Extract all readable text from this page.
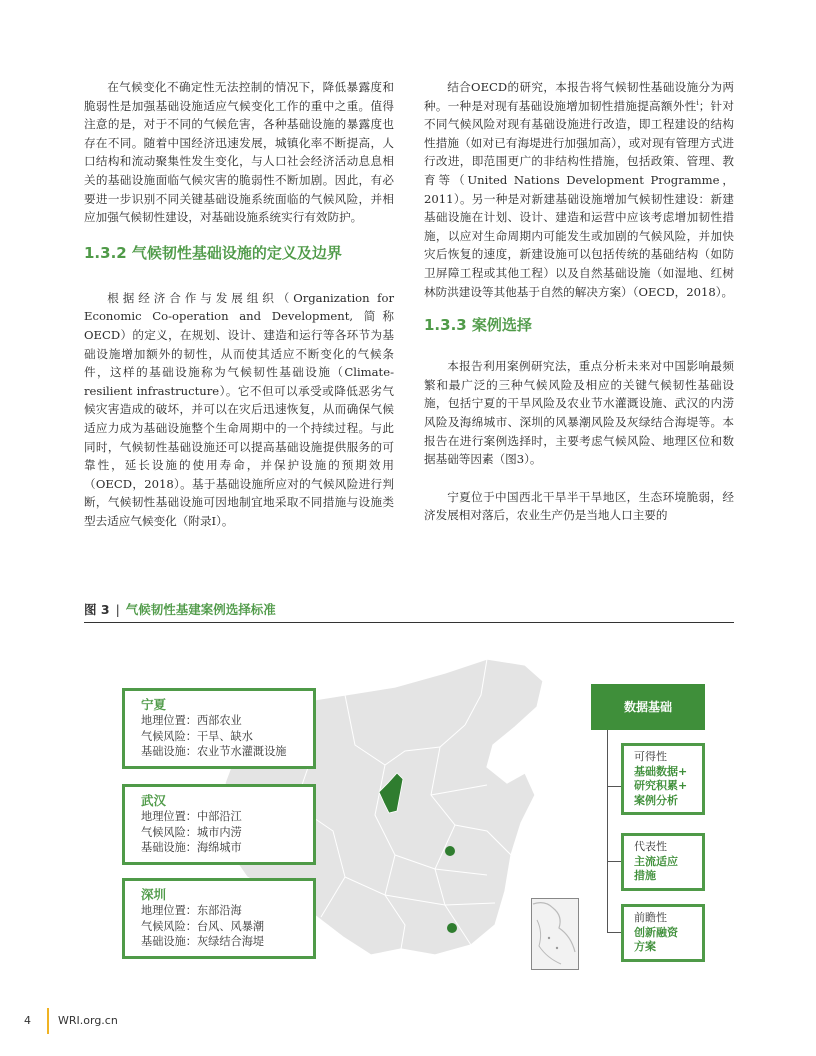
在气候变化不确定性无法控制的情况下，降低暴露度和脆弱性是加强基础设施适应气候变化工作的重中之重。值得注意的是，对于不同的气候危害，各种基础设施的暴露度也存在不同。随着中国经济迅速发展，城镇化率不断提高，人口结构和流动聚集性发生变化，与人口社会经济活动息息相关的基础设施面临气候灾害的脆弱性不断加剧。因此，有必要进一步识别不同关键基础设施系统面临的气候风险，并相应加强气候韧性建设，对基础设施系统实行有效防护。

1.3.2 气候韧性基础设施的定义及边界

根据经济合作与发展组织（Organization for Economic Co-operation and Development, 简称OECD）的定义，在规划、设计、建造和运行等各环节为基础设施增加额外的韧性，从而使其适应不断变化的气候条件，这样的基础设施称为气候韧性基础设施（Climate-resilient infrastructure）。它不但可以承受或降低恶劣气候灾害造成的破坏，并可以在灾后迅速恢复，从而确保气候适应力成为基础设施整个生命周期中的一个持续过程。与此同时，气候韧性基础设施还可以提高基础设施提供服务的可靠性，延长设施的使用寿命，并保护设施的预期效用（OECD，2018）。基于基础设施所应对的气候风险进行判断，气候韧性基础设施可因地制宜地采取不同措施与设施类型去适应气候变化（附录Ⅰ）。

结合OECD的研究，本报告将气候韧性基础设施分为两种。一种是对现有基础设施增加韧性措施提高额外性$^i$；针对不同气候风险对现有基础设施进行改造，即工程建设的结构性措施（如对已有海堤进行加强加高），或对现有管理方式进行改进，即范围更广的非结构性措施，包括政策、管理、教育等（United Nations Development Programme，2011）。另一种是对新建基础设施增加气候韧性建设：新建基础设施在计划、设计、建造和运营中应该考虑增加韧性措施，以应对生命周期内可能发生或加剧的气候风险，并加快灾后恢复的速度，新建设施可以包括传统的基础结构（如防卫屏障工程或其他工程）以及自然基础设施（如湿地、红树林防洪建设等其他基于自然的解决方案）（OECD，2018）。

1.3.3 案例选择

本报告利用案例研究法，重点分析未来对中国影响最频繁和最广泛的三种气候风险及相应的关键气候韧性基础设施，包括宁夏的干旱风险及农业节水灌溉设施、武汉的内涝风险及海绵城市、深圳的风暴潮风险及灰绿结合海堤等。本报告在进行案例选择时，主要考虑气候风险、地理区位和数据基础等因素（图3）。

宁夏位于中国西北干旱半干旱地区，生态环境脆弱，经济发展相对落后，农业生产仍是当地人口主要的

图 3 | 气候韧性基建案例选择标准
宁夏
地理位置：西部农业
气候风险：干旱、缺水
基础设施：农业节水灌溉设施
武汉
地理位置：中部沿江
气候风险：城市内涝
基础设施：海绵城市
深圳
地理位置：东部沿海
气候风险：台风、风暴潮
基础设施：灰绿结合海堤
数据基础
可得性
基础数据+
研究积累+
案例分析
代表性
主流适应
措施
前瞻性
创新融资
方案
4 WRI.org.cn
